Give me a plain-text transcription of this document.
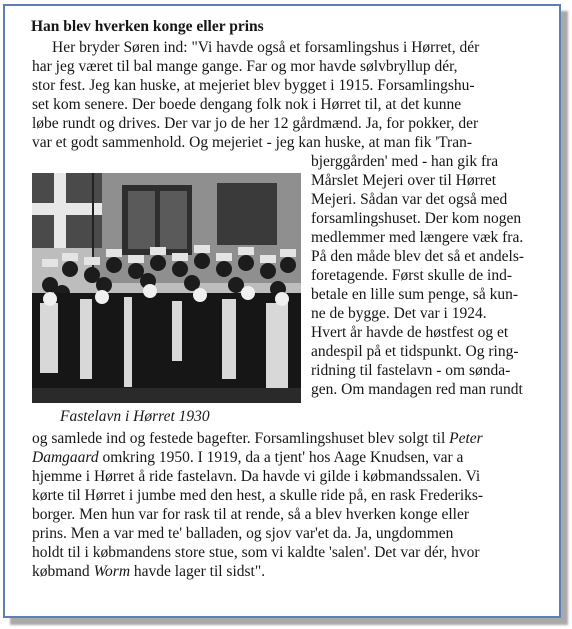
Han blev hverken konge eller prins
Her bryder Søren ind: "Vi havde også et forsamlingshus i Hørret, dér
har jeg været til bal mange gange. Far og mor havde sølvbryllup dér,
stor fest. Jeg kan huske, at mejeriet blev bygget i 1915. Forsamlingshu-
set kom senere. Der boede dengang folk nok i Hørret til, at det kunne
løbe rundt og drives. Der var jo de her 12 gårdmænd. Ja, for pokker, der
var et godt sammenhold. Og mejeriet - jeg kan huske, at man fik 'Tran-
Fastelavn i Hørret 1930
bjerggården' med - han gik fra
Mårslet Mejeri over til Hørret
Mejeri. Sådan var det også med
forsamlingshuset. Der kom nogen
medlemmer med længere væk fra.
På den måde blev det så et andels-
foretagende. Først skulle de ind-
betale en lille sum penge, så kun-
ne de bygge. Det var i 1924.
Hvert år havde de høstfest og et
andespil på et tidspunkt. Og ring-
ridning til fastelavn - om sønda-
gen. Om mandagen red man rundt
og samlede ind og festede bagefter. Forsamlingshuset blev solgt til Peter
Damgaard omkring 1950. I 1919, da a tjent' hos Aage Knudsen, var a
hjemme i Hørret å ride fastelavn. Da havde vi gilde i købmandssalen. Vi
kørte til Hørret i jumbe med den hest, a skulle ride på, en rask Frederiks-
borger. Men hun var for rask til at rende, så a blev hverken konge eller
prins. Men a var med te' balladen, og sjov var'et da. Ja, ungdommen
holdt til i købmandens store stue, som vi kaldte 'salen'. Det var dér, hvor
købmand Worm havde lager til sidst".
